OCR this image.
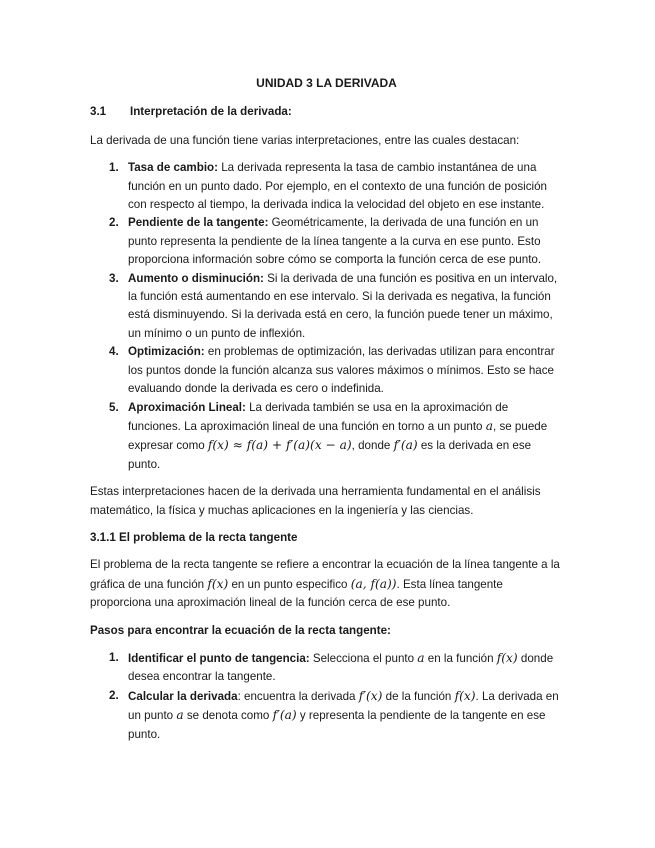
UNIDAD 3 LA DERIVADA
3.1 Interpretación de la derivada:
La derivada de una función tiene varias interpretaciones, entre las cuales destacan:
1. Tasa de cambio: La derivada representa la tasa de cambio instantánea de una función en un punto dado. Por ejemplo, en el contexto de una función de posición con respecto al tiempo, la derivada indica la velocidad del objeto en ese instante.
2. Pendiente de la tangente: Geométricamente, la derivada de una función en un punto representa la pendiente de la línea tangente a la curva en ese punto. Esto proporciona información sobre cómo se comporta la función cerca de ese punto.
3. Aumento o disminución: Si la derivada de una función es positiva en un intervalo, la función está aumentando en ese intervalo. Si la derivada es negativa, la función está disminuyendo. Si la derivada está en cero, la función puede tener un máximo, un mínimo o un punto de inflexión.
4. Optimización: en problemas de optimización, las derivadas utilizan para encontrar los puntos donde la función alcanza sus valores máximos o mínimos. Esto se hace evaluando donde la derivada es cero o indefinida.
5. Aproximación Lineal: La derivada también se usa en la aproximación de funciones. La aproximación lineal de una función en torno a un punto a, se puede expresar como f(x) ≈ f(a) + f′(a)(x − a), donde f′(a) es la derivada en ese punto.
Estas interpretaciones hacen de la derivada una herramienta fundamental en el análisis matemático, la física y muchas aplicaciones en la ingeniería y las ciencias.
3.1.1 El problema de la recta tangente
El problema de la recta tangente se refiere a encontrar la ecuación de la línea tangente a la gráfica de una función f(x) en un punto especifico (a, f(a)). Esta línea tangente proporciona una aproximación lineal de la función cerca de ese punto.
Pasos para encontrar la ecuación de la recta tangente:
1. Identificar el punto de tangencia: Selecciona el punto a en la función f(x) donde desea encontrar la tangente.
2. Calcular la derivada: encuentra la derivada f′(x) de la función f(x). La derivada en un punto a se denota como f′(a) y representa la pendiente de la tangente en ese punto.
